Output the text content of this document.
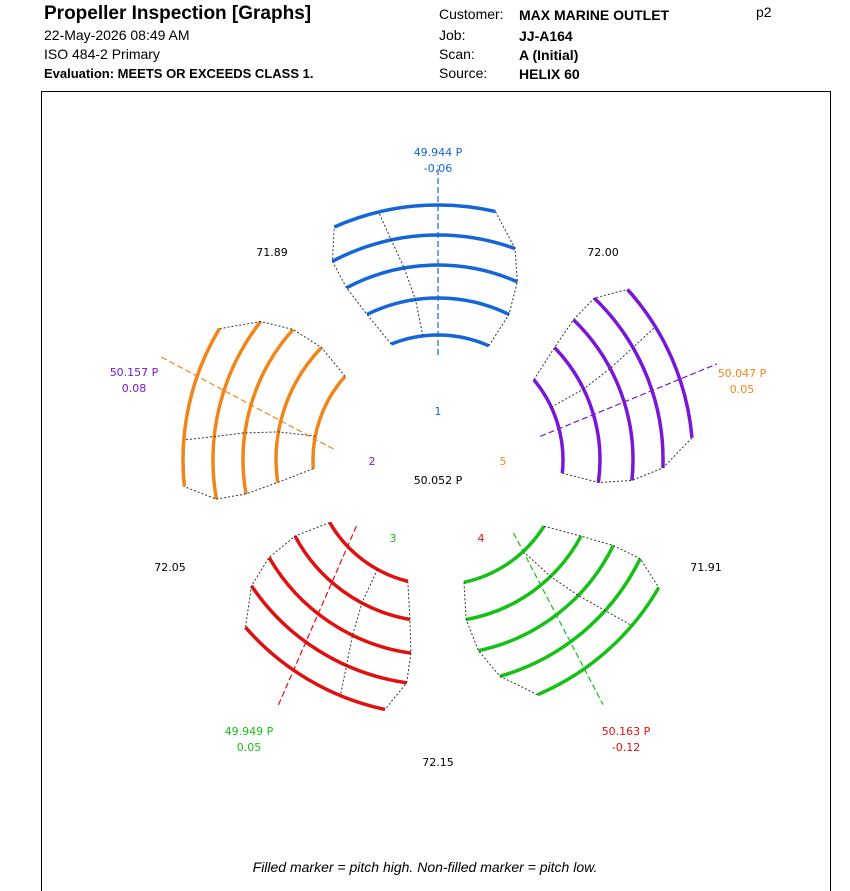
Propeller Inspection [Graphs]
22-May-2026 08:49 AM
ISO 484-2 Primary
Evaluation: MEETS OR EXCEEDS CLASS 1.
Customer: MAX MARINE OUTLET
Job:	JJ-A164
Scan:	A (Initial)
Source: HELIX 60
p2
49.944 P
-0.06
1
50.157 P
0.08
2
49.949 P
0.05
3
50.163 P
-0.12
4
50.047 P
0.05
5
72.00
71.91
72.15
72.05
71.89
50.052 P
Filled marker = pitch high. Non-filled marker = pitch low.
